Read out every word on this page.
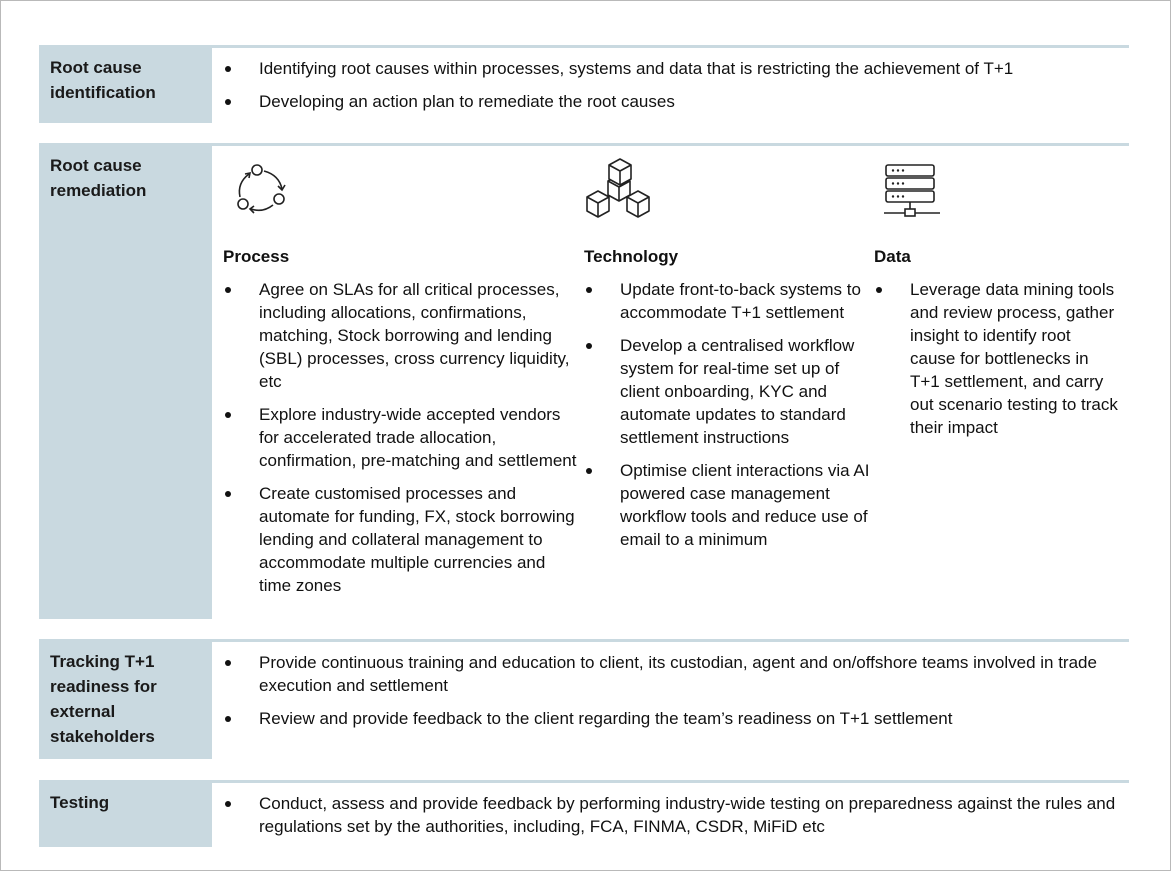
Root cause identification
Identifying root causes within processes, systems and data that is restricting the achievement of T+1
Developing an action plan to remediate the root causes
Root cause remediation
Process
Agree on SLAs for all critical processes, including allocations, confirmations, matching, Stock borrowing and lending (SBL) processes, cross currency liquidity, etc
Explore industry-wide accepted vendors for accelerated trade allocation, confirmation, pre-matching and settlement
Create customised processes and automate for funding, FX, stock borrowing lending and collateral management to accommodate multiple currencies and time zones
Technology
Update front-to-back systems to accommodate T+1 settlement
Develop a centralised workflow system for real-time set up of client onboarding, KYC and automate updates to standard settlement instructions
Optimise client interactions via AI powered case management workflow tools and reduce use of email to a minimum
Data
Leverage data mining tools and review process, gather insight to identify root cause for bottlenecks in T+1 settlement, and carry out scenario testing to track their impact
Tracking T+1 readiness for external stakeholders
Provide continuous training and education to client, its custodian, agent and on/offshore teams involved in trade execution and settlement
Review and provide feedback to the client regarding the team’s readiness on T+1 settlement
Testing	Conduct, assess and provide feedback by performing industry-wide testing on preparedness against the rules and regulations set by the authorities, including, FCA, FINMA, CSDR, MiFiD etc
